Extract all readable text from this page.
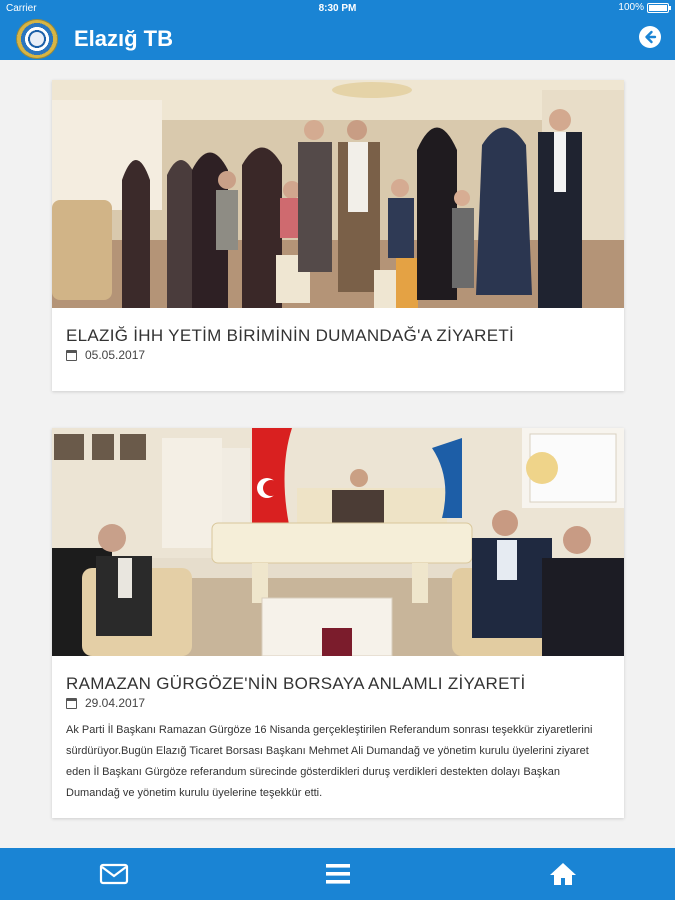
Carrier	8:30 PM	100%
Elazığ TB
ELAZIĞ İHH YETİM BİRİMİNİN DUMANDAĞ'A ZİYARETİ
05.05.2017
RAMAZAN GÜRGÖZE'NİN BORSAYA ANLAMLI ZİYARETİ
29.04.2017
Ak Parti İl Başkanı Ramazan Gürgöze 16 Nisanda gerçekleştirilen Referandum sonrası teşekkür ziyaretlerini sürdürüyor.Bugün Elazığ Ticaret Borsası Başkanı Mehmet Ali Dumandağ ve yönetim kurulu üyelerini ziyaret eden İl Başkanı Gürgöze referandum sürecinde gösterdikleri duruş verdikleri destekten dolayı Başkan Dumandağ ve yönetim kurulu üyelerine teşekkür etti.
